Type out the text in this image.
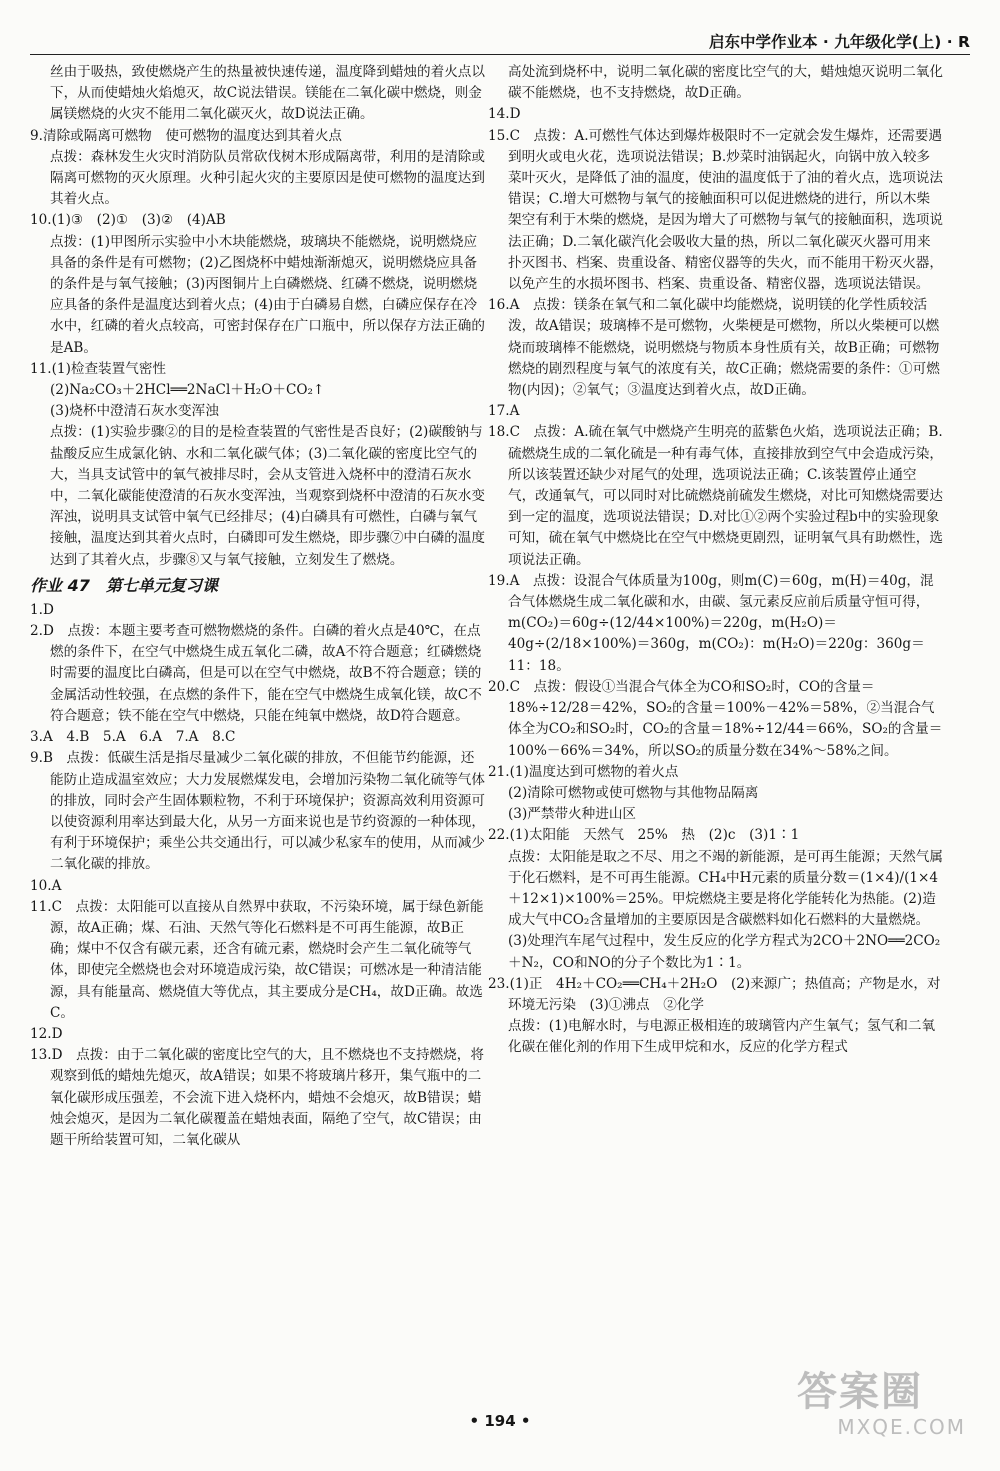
启东中学作业本 · 九年级化学(上) · R
丝由于吸热，致使燃烧产生的热量被快速传递，温度降到蜡烛的着火点以下，从而使蜡烛火焰熄灭，故C说法错误。镁能在二氧化碳中燃烧，则金属镁燃烧的火灾不能用二氧化碳灭火，故D说法正确。
9.清除或隔离可燃物　使可燃物的温度达到其着火点
点拨：森林发生火灾时消防队员常砍伐树木形成隔离带，利用的是清除或隔离可燃物的灭火原理。火种引起火灾的主要原因是使可燃物的温度达到其着火点。
10.(1)③　(2)①　(3)②　(4)AB
点拨：(1)甲图所示实验中小木块能燃烧，玻璃块不能燃烧，说明燃烧应具备的条件是有可燃物；(2)乙图烧杯中蜡烛渐渐熄灭，说明燃烧应具备的条件是与氧气接触；(3)丙图铜片上白磷燃烧、红磷不燃烧，说明燃烧应具备的条件是温度达到着火点；(4)由于白磷易自燃，白磷应保存在冷水中，红磷的着火点较高，可密封保存在广口瓶中，所以保存方法正确的是AB。
11.(1)检查装置气密性
(2)Na₂CO₃＋2HCl══2NaCl＋H₂O＋CO₂↑
(3)烧杯中澄清石灰水变浑浊
点拨：(1)实验步骤②的目的是检查装置的气密性是否良好；(2)碳酸钠与盐酸反应生成氯化钠、水和二氧化碳气体；(3)二氧化碳的密度比空气的大，当具支试管中的氧气被排尽时，会从支管进入烧杯中的澄清石灰水中，二氧化碳能使澄清的石灰水变浑浊，当观察到烧杯中澄清的石灰水变浑浊，说明具支试管中氧气已经排尽；(4)白磷具有可燃性，白磷与氧气接触，温度达到其着火点时，白磷即可发生燃烧，即步骤⑦中白磷的温度达到了其着火点，步骤⑧又与氧气接触，立刻发生了燃烧。
作业 47　第七单元复习课
1.D
2.D　点拨：本题主要考查可燃物燃烧的条件。白磷的着火点是40℃，在点燃的条件下，在空气中燃烧生成五氧化二磷，故A不符合题意；红磷燃烧时需要的温度比白磷高，但是可以在空气中燃烧，故B不符合题意；镁的金属活动性较强，在点燃的条件下，能在空气中燃烧生成氧化镁，故C不符合题意；铁不能在空气中燃烧，只能在纯氧中燃烧，故D符合题意。
3.A　4.B　5.A　6.A　7.A　8.C
9.B　点拨：低碳生活是指尽量减少二氧化碳的排放，不但能节约能源，还能防止造成温室效应；大力发展燃煤发电，会增加污染物二氧化硫等气体的排放，同时会产生固体颗粒物，不利于环境保护；资源高效利用资源可以使资源利用率达到最大化，从另一方面来说也是节约资源的一种体现，有利于环境保护；乘坐公共交通出行，可以减少私家车的使用，从而减少二氧化碳的排放。
10.A
11.C　点拨：太阳能可以直接从自然界中获取，不污染环境，属于绿色新能源，故A正确；煤、石油、天然气等化石燃料是不可再生能源，故B正确；煤中不仅含有碳元素，还含有硫元素，燃烧时会产生二氧化硫等气体，即使完全燃烧也会对环境造成污染，故C错误；可燃冰是一种清洁能源，具有能量高、燃烧值大等优点，其主要成分是CH₄，故D正确。故选C。
12.D
13.D　点拨：由于二氧化碳的密度比空气的大，且不燃烧也不支持燃烧，将观察到低的蜡烛先熄灭，故A错误；如果不将玻璃片移开，集气瓶中的二氧化碳形成压强差，不会流下进入烧杯内，蜡烛不会熄灭，故B错误；蜡烛会熄灭，是因为二氧化碳覆盖在蜡烛表面，隔绝了空气，故C错误；由题干所给装置可知，二氧化碳从
高处流到烧杯中，说明二氧化碳的密度比空气的大，蜡烛熄灭说明二氧化碳不能燃烧，也不支持燃烧，故D正确。
14.D
15.C　点拨：A.可燃性气体达到爆炸极限时不一定就会发生爆炸，还需要遇到明火或电火花，选项说法错误；B.炒菜时油锅起火，向锅中放入较多菜叶灭火，是降低了油的温度，使油的温度低于了油的着火点，选项说法错误；C.增大可燃物与氧气的接触面积可以促进燃烧的进行，所以木柴架空有利于木柴的燃烧，是因为增大了可燃物与氧气的接触面积，选项说法正确；D.二氧化碳汽化会吸收大量的热，所以二氧化碳灭火器可用来扑灭图书、档案、贵重设备、精密仪器等的失火，而不能用干粉灭火器，以免产生的水损坏图书、档案、贵重设备、精密仪器，选项说法错误。
16.A　点拨：镁条在氧气和二氧化碳中均能燃烧，说明镁的化学性质较活泼，故A错误；玻璃棒不是可燃物，火柴梗是可燃物，所以火柴梗可以燃烧而玻璃棒不能燃烧，说明燃烧与物质本身性质有关，故B正确；可燃物燃烧的剧烈程度与氧气的浓度有关，故C正确；燃烧需要的条件：①可燃物(内因)；②氧气；③温度达到着火点，故D正确。
17.A
18.C　点拨：A.硫在氧气中燃烧产生明亮的蓝紫色火焰，选项说法正确；B.硫燃烧生成的二氧化硫是一种有毒气体，直接排放到空气中会造成污染，所以该装置还缺少对尾气的处理，选项说法正确；C.该装置停止通空气，改通氧气，可以同时对比硫燃烧前硫发生燃烧，对比可知燃烧需要达到一定的温度，选项说法错误；D.对比①②两个实验过程b中的实验现象可知，硫在氧气中燃烧比在空气中燃烧更剧烈，证明氧气具有助燃性，选项说法正确。
19.A　点拨：设混合气体质量为100g，则m(C)＝60g，m(H)＝40g，混合气体燃烧生成二氧化碳和水，由碳、氢元素反应前后质量守恒可得，m(CO₂)＝60g÷(12/44×100%)＝220g，m(H₂O)＝40g÷(2/18×100%)＝360g，m(CO₂)：m(H₂O)＝220g：360g＝11：18。
20.C　点拨：假设①当混合气体全为CO和SO₂时，CO的含量＝18%÷12/28＝42%，SO₂的含量＝100%－42%＝58%，②当混合气体全为CO₂和SO₂时，CO₂的含量＝18%÷12/44＝66%，SO₂的含量＝100%－66%＝34%，所以SO₂的质量分数在34%～58%之间。
21.(1)温度达到可燃物的着火点
(2)清除可燃物或使可燃物与其他物品隔离
(3)严禁带火种进山区
22.(1)太阳能　天然气　25%　热　(2)c　(3)1∶1
点拨：太阳能是取之不尽、用之不竭的新能源，是可再生能源；天然气属于化石燃料，是不可再生能源。CH₄中H元素的质量分数＝(1×4)/(1×4＋12×1)×100%＝25%。甲烷燃烧主要是将化学能转化为热能。(2)造成大气中CO₂含量增加的主要原因是含碳燃料如化石燃料的大量燃烧。(3)处理汽车尾气过程中，发生反应的化学方程式为2CO＋2NO══2CO₂＋N₂，CO和NO的分子个数比为1∶1。
23.(1)正　4H₂＋CO₂══CH₄＋2H₂O　(2)来源广；热值高；产物是水，对环境无污染　(3)①沸点　②化学
点拨：(1)电解水时，与电源正极相连的玻璃管内产生氧气；氢气和二氧化碳在催化剂的作用下生成甲烷和水，反应的化学方程式
• 194 •
答案圈
MXQE.COM
